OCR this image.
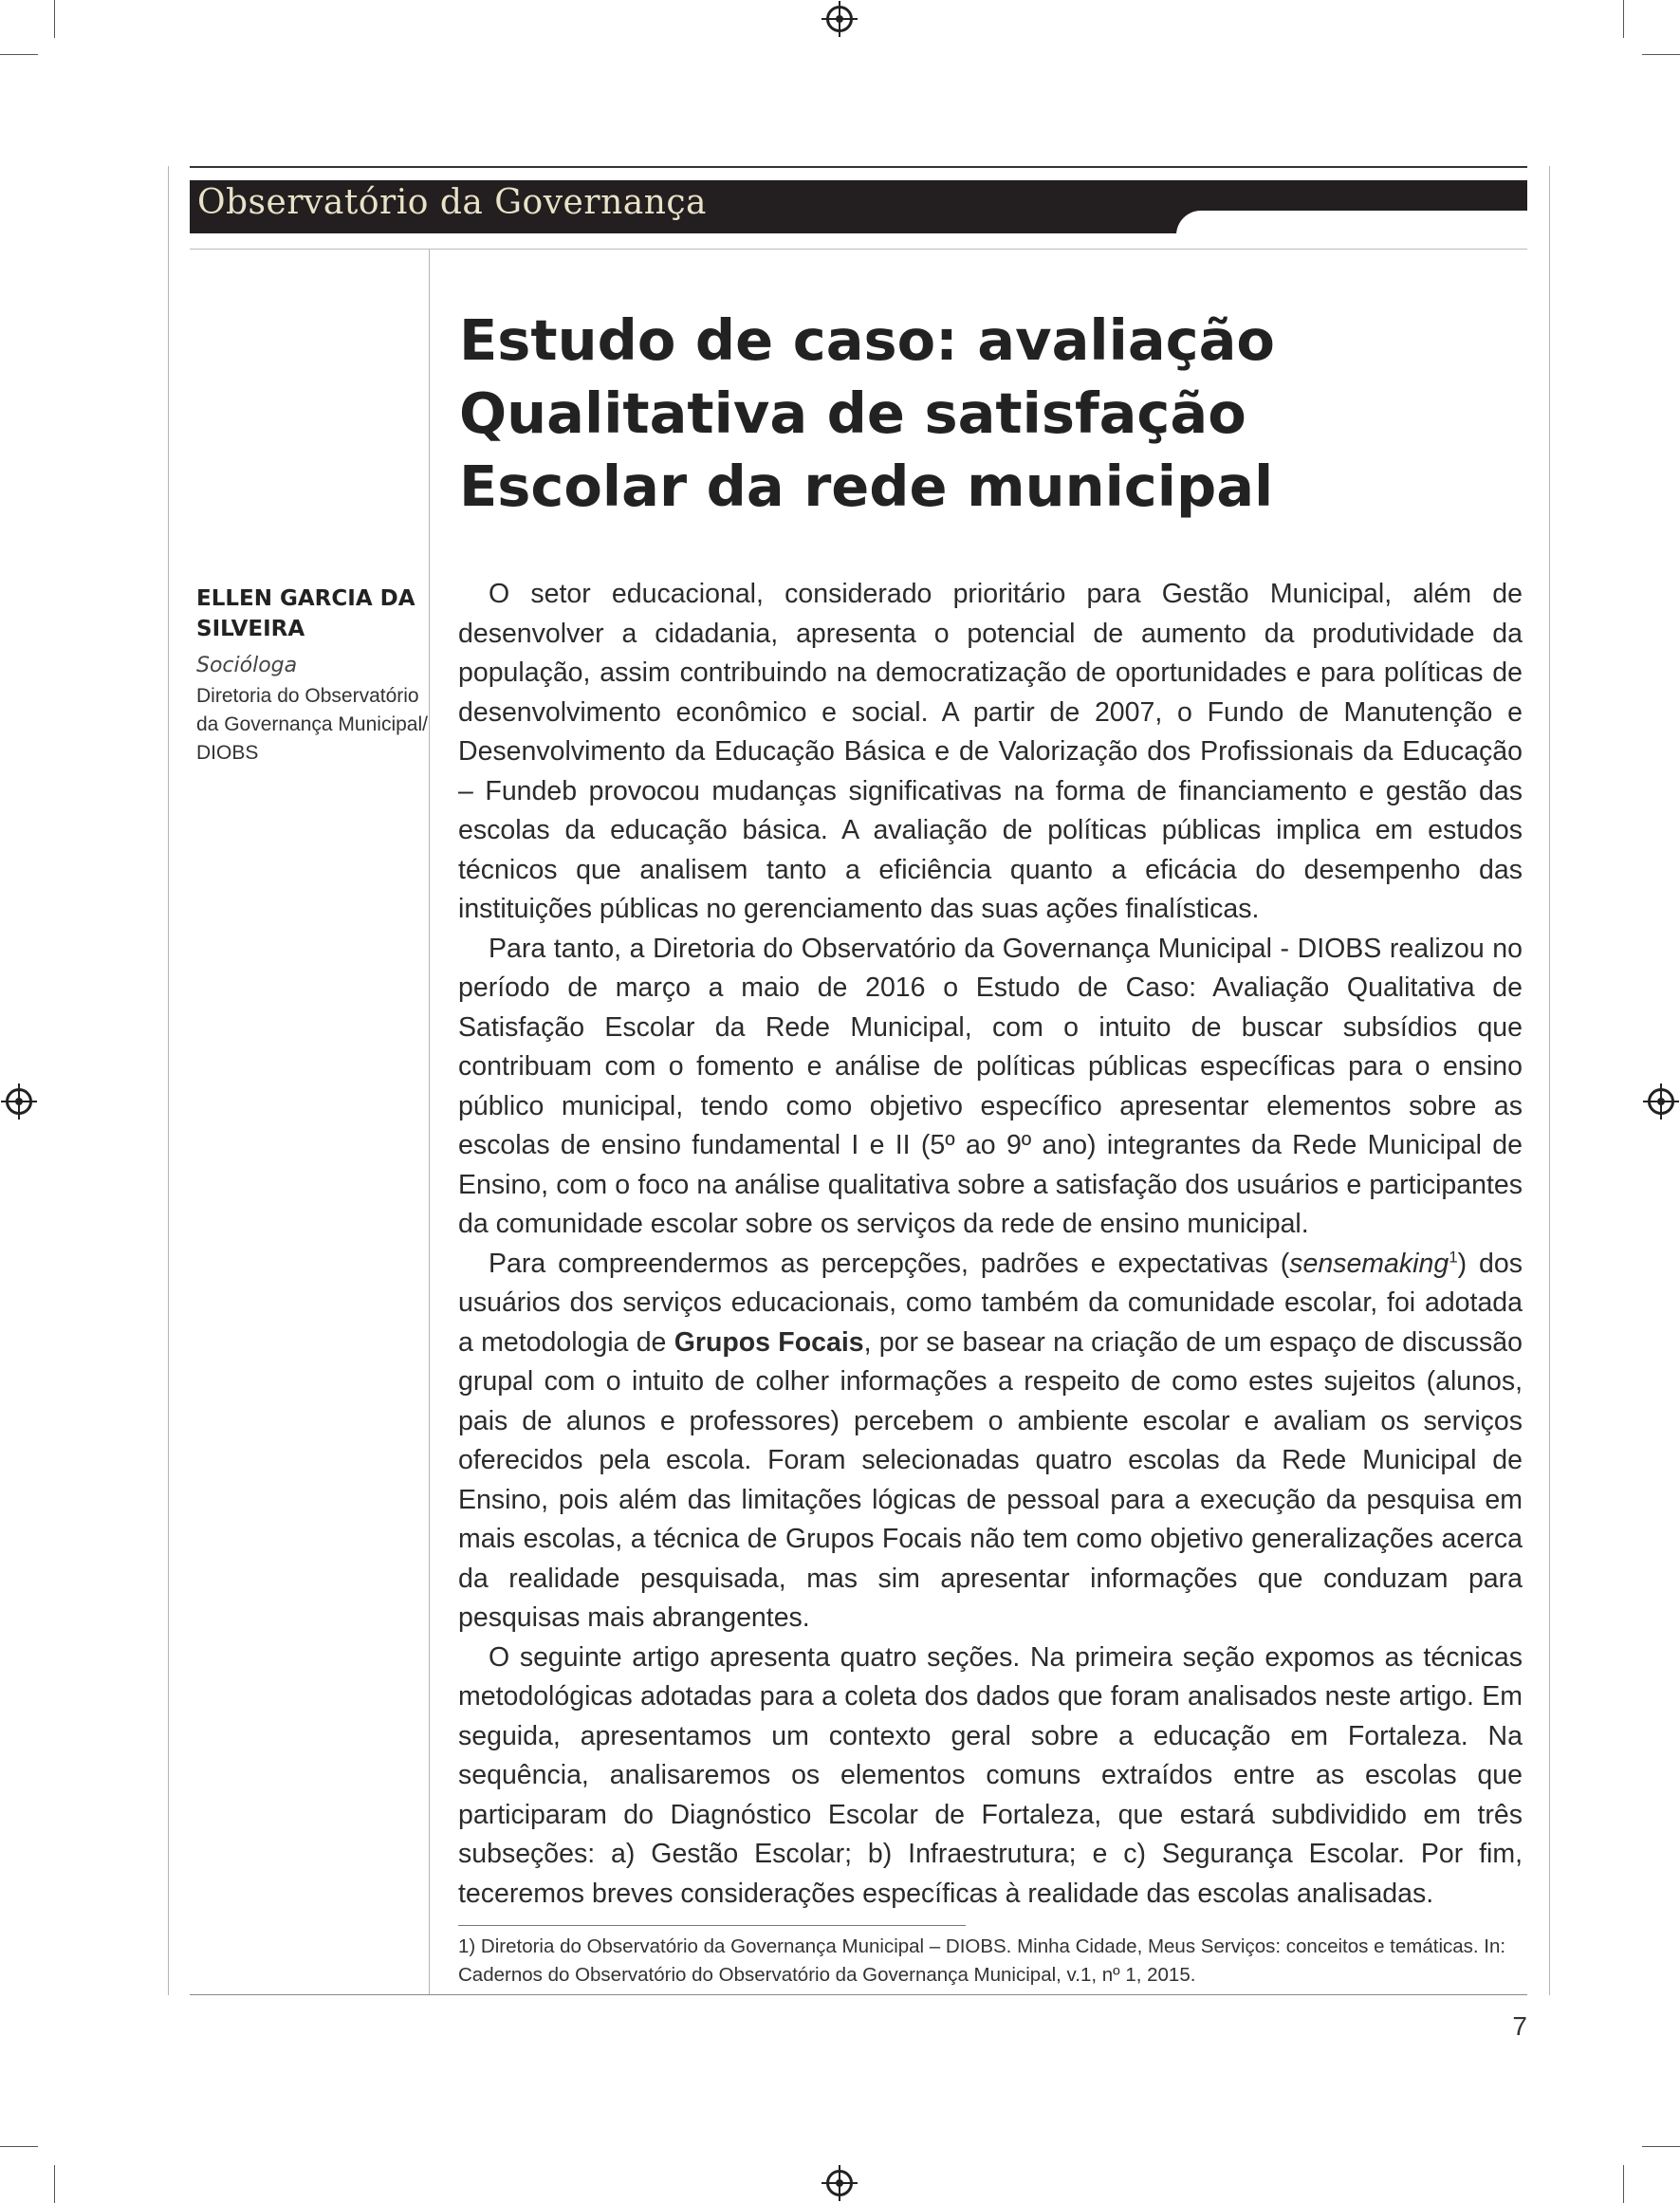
Observatório da Governança
Estudo de caso: avaliação
Qualitativa de satisfação
Escolar da rede municipal

ELLEN GARCIA DA SILVEIRA

Socióloga

Diretoria do Observatório da Governança Municipal/ DIOBS

O setor educacional, considerado prioritário para Gestão Municipal, além de desenvolver a cidadania, apresenta o potencial de aumento da produtividade da população, assim contribuindo na democratização de oportunidades e para políticas de desenvolvimento econômico e social. A partir de 2007, o Fundo de Manutenção e Desenvolvimento da Educação Básica e de Valorização dos Profissionais da Educação – Fundeb provocou mudanças significativas na forma de financiamento e gestão das escolas da educação básica. A avaliação de políticas públicas implica em estudos técnicos que analisem tanto a eficiência quanto a eficácia do desempenho das instituições públicas no gerenciamento das suas ações finalísticas.

Para tanto, a Diretoria do Observatório da Governança Municipal - DIOBS realizou no período de março a maio de 2016 o Estudo de Caso: Avaliação Qualitativa de Satisfação Escolar da Rede Municipal, com o intuito de buscar subsídios que contribuam com o fomento e análise de políticas públicas específicas para o ensino público municipal, tendo como objetivo específico apresentar elementos sobre as escolas de ensino fundamental I e II (5º ao 9º ano) integrantes da Rede Municipal de Ensino, com o foco na análise qualitativa sobre a satisfação dos usuários e participantes da comunidade escolar sobre os serviços da rede de ensino municipal.

Para compreendermos as percepções, padrões e expectativas (sensemaking$^1$) dos usuários dos serviços educacionais, como também da comunidade escolar, foi adotada a metodologia de Grupos Focais, por se basear na criação de um espaço de discussão grupal com o intuito de colher informações a respeito de como estes sujeitos (alunos, pais de alunos e professores) percebem o ambiente escolar e avaliam os serviços oferecidos pela escola. Foram selecionadas quatro escolas da Rede Municipal de Ensino, pois além das limitações lógicas de pessoal para a execução da pesquisa em mais escolas, a técnica de Grupos Focais não tem como objetivo generalizações acerca da realidade pesquisada, mas sim apresentar informações que conduzam para pesquisas mais abrangentes.

O seguinte artigo apresenta quatro seções. Na primeira seção expomos as técnicas metodológicas adotadas para a coleta dos dados que foram analisados neste artigo. Em seguida, apresentamos um contexto geral sobre a educação em Fortaleza. Na sequência, analisaremos os elementos comuns extraídos entre as escolas que participaram do Diagnóstico Escolar de Fortaleza, que estará subdividido em três subseções: a) Gestão Escolar; b) Infraestrutura; e c) Segurança Escolar. Por fim, teceremos breves considerações específicas à realidade das escolas analisadas.

1) Diretoria do Observatório da Governança Municipal – DIOBS. Minha Cidade, Meus Serviços: conceitos e temáticas. In: Cadernos do Observatório do Observatório da Governança Municipal, v.1, nº 1, 2015.

7
